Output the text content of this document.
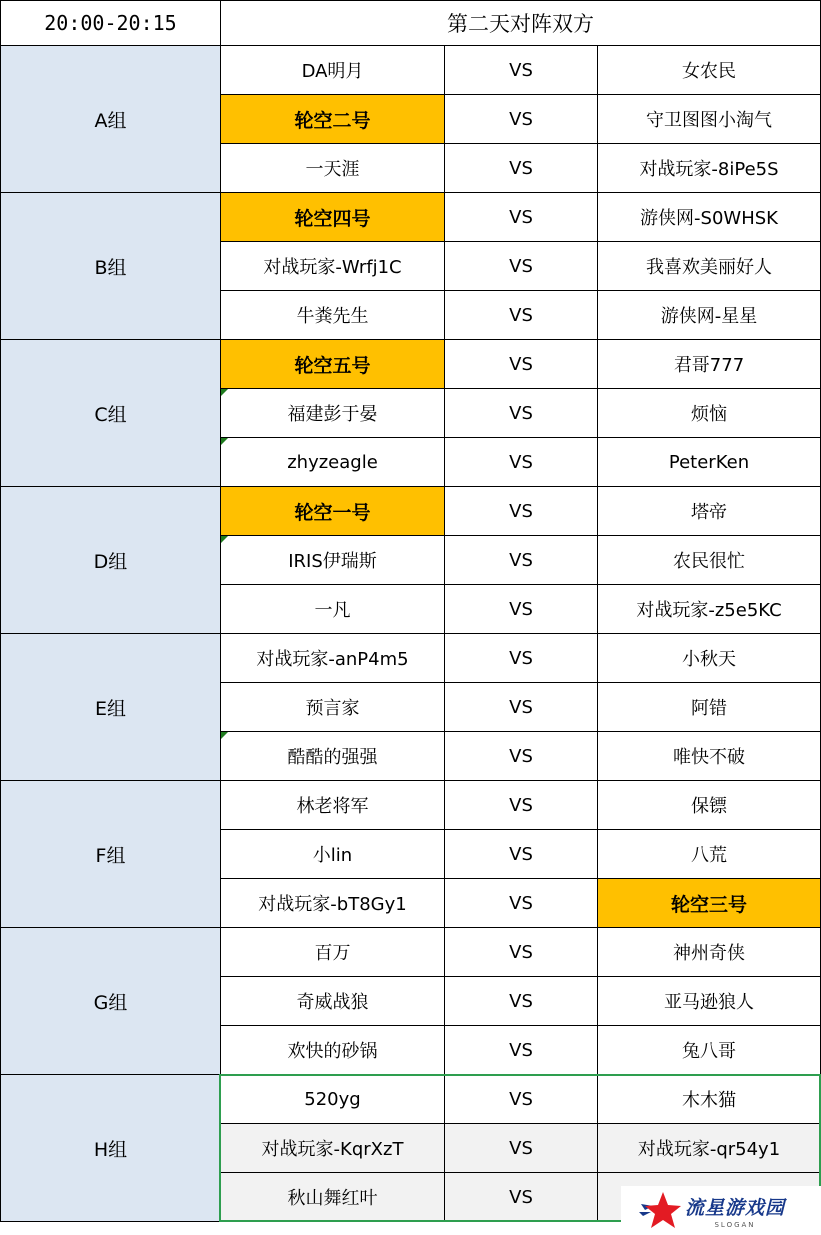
20:00-20:15	第二天对阵双方
A组
DA明月	VS	女农民
轮空二号	VS	守卫图图小淘气
一天涯	VS	对战玩家-8iPe5S
B组
轮空四号	VS	游侠网-S0WHSK
对战玩家-Wrfj1C	VS	我喜欢美丽好人
牛粪先生	VS	游侠网-星星
C组
轮空五号	VS	君哥777
福建彭于晏	VS	烦恼
zhyzeagle	VS	PeterKen
D组
轮空一号	VS	塔帝
IRIS伊瑞斯	VS	农民很忙
一凡	VS	对战玩家-z5e5KC
E组
对战玩家-anP4m5	VS	小秋天
预言家	VS	阿错
酷酷的强强	VS	唯快不破
F组
林老将军	VS	保镖
小lin	VS	八荒
对战玩家-bT8Gy1	VS	轮空三号
G组
百万	VS	神州奇侠
奇威战狼	VS	亚马逊狼人
欢快的砂锅	VS	兔八哥
H组
520yg	VS	木木猫
对战玩家-KqrXzT	VS	对战玩家-qr54y1
秋山舞红叶	VS	流星游戏园
SLOGAN
